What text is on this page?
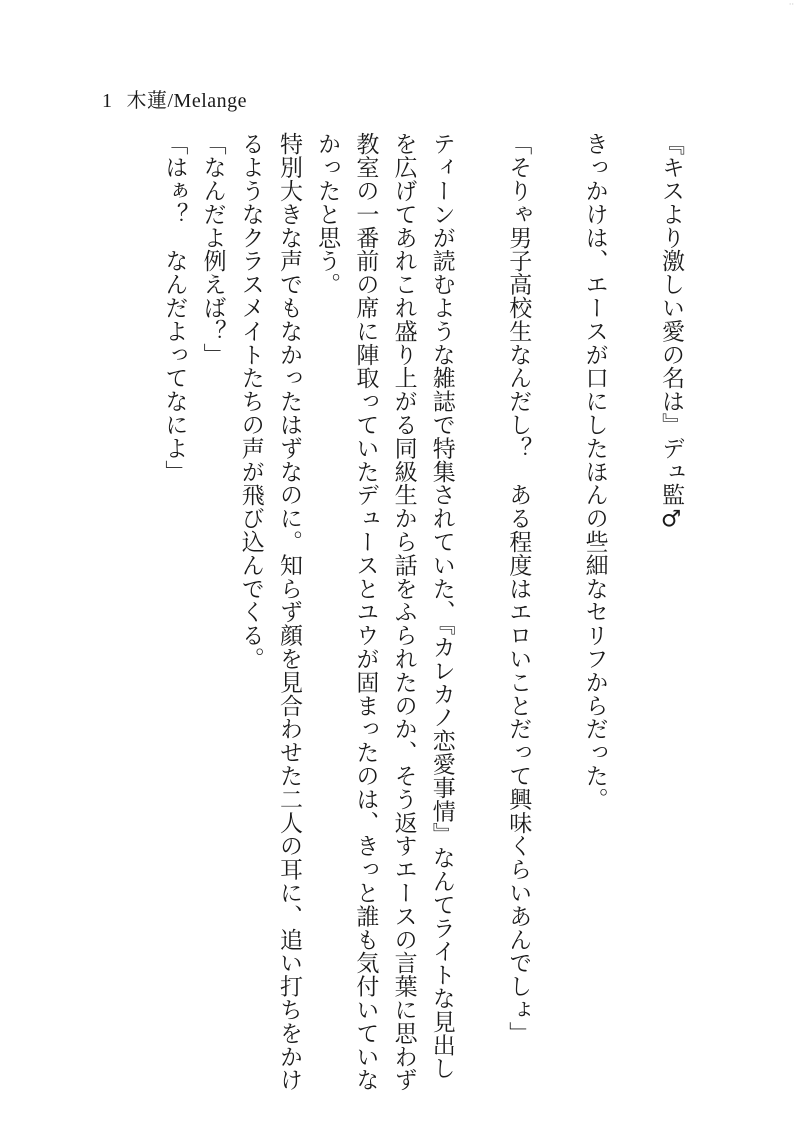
··
1 木蓮/Melange

『キスより激しい愛の名は』デュ監♂

きっかけは、エースが口にしたほんの些細なセリフからだった。

「そりゃ男子高校生なんだし？　ある程度はエロいことだって興味くらいあんでしょ」

ティーンが読むような雑誌で特集されていた、『カレカノ恋愛事情』なんてライトな見出しを広げてあれこれ盛り上がる同級生から話をふられたのか、そう返すエースの言葉に思わず教室の一番前の席に陣取っていたデュースとユウが固まったのは、きっと誰も気付いていなかったと思う。

特別大きな声でもなかったはずなのに。知らず顔を見合わせた二人の耳に、追い打ちをかけるようなクラスメイトたちの声が飛び込んでくる。

「なんだよ例えば？」

「はぁ？　なんだよってなによ」
